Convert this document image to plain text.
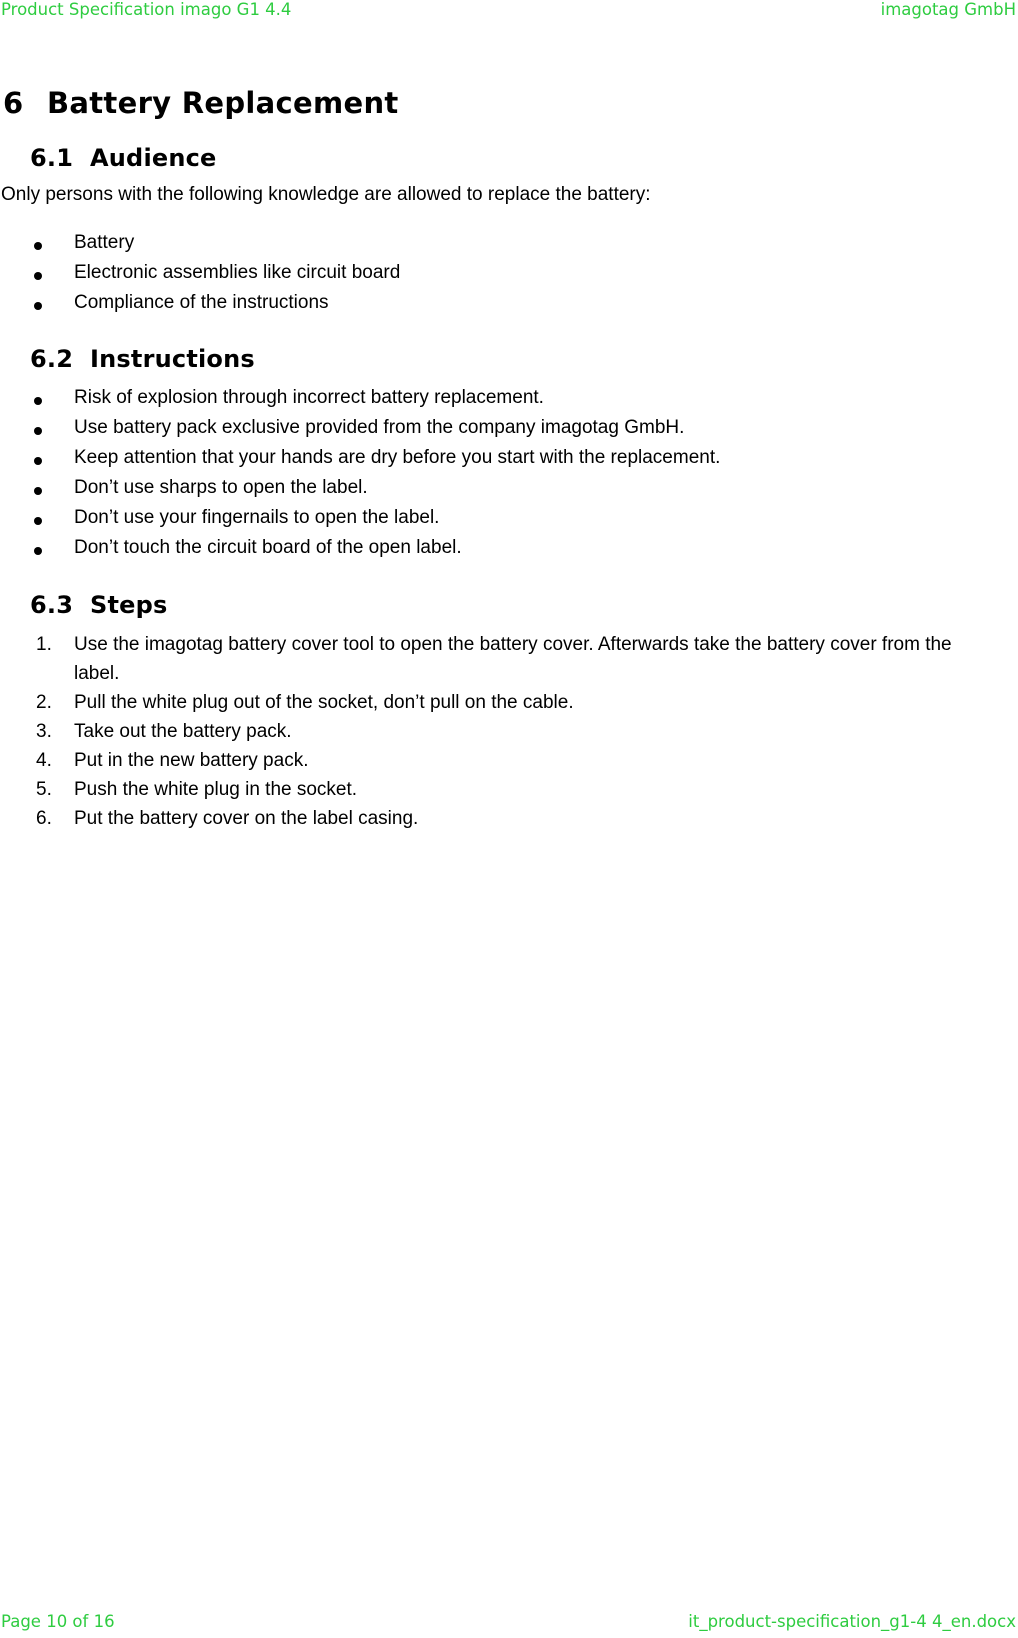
Product Specification imago G1 4.4	imagotag GmbH
6 Battery Replacement
6.1 Audience
Only persons with the following knowledge are allowed to replace the battery:
Battery
Electronic assemblies like circuit board
Compliance of the instructions
6.2 Instructions
Risk of explosion through incorrect battery replacement.
Use battery pack exclusive provided from the company imagotag GmbH.
Keep attention that your hands are dry before you start with the replacement.
Don’t use sharps to open the label.
Don’t use your fingernails to open the label.
Don’t touch the circuit board of the open label.
6.3 Steps
1. Use the imagotag battery cover tool to open the battery cover. Afterwards take the battery cover from the label.
2. Pull the white plug out of the socket, don’t pull on the cable.
3. Take out the battery pack.
4. Put in the new battery pack.
5. Push the white plug in the socket.
6. Put the battery cover on the label casing.
Page 10 of 16	it_product-specification_g1-4 4_en.docx
